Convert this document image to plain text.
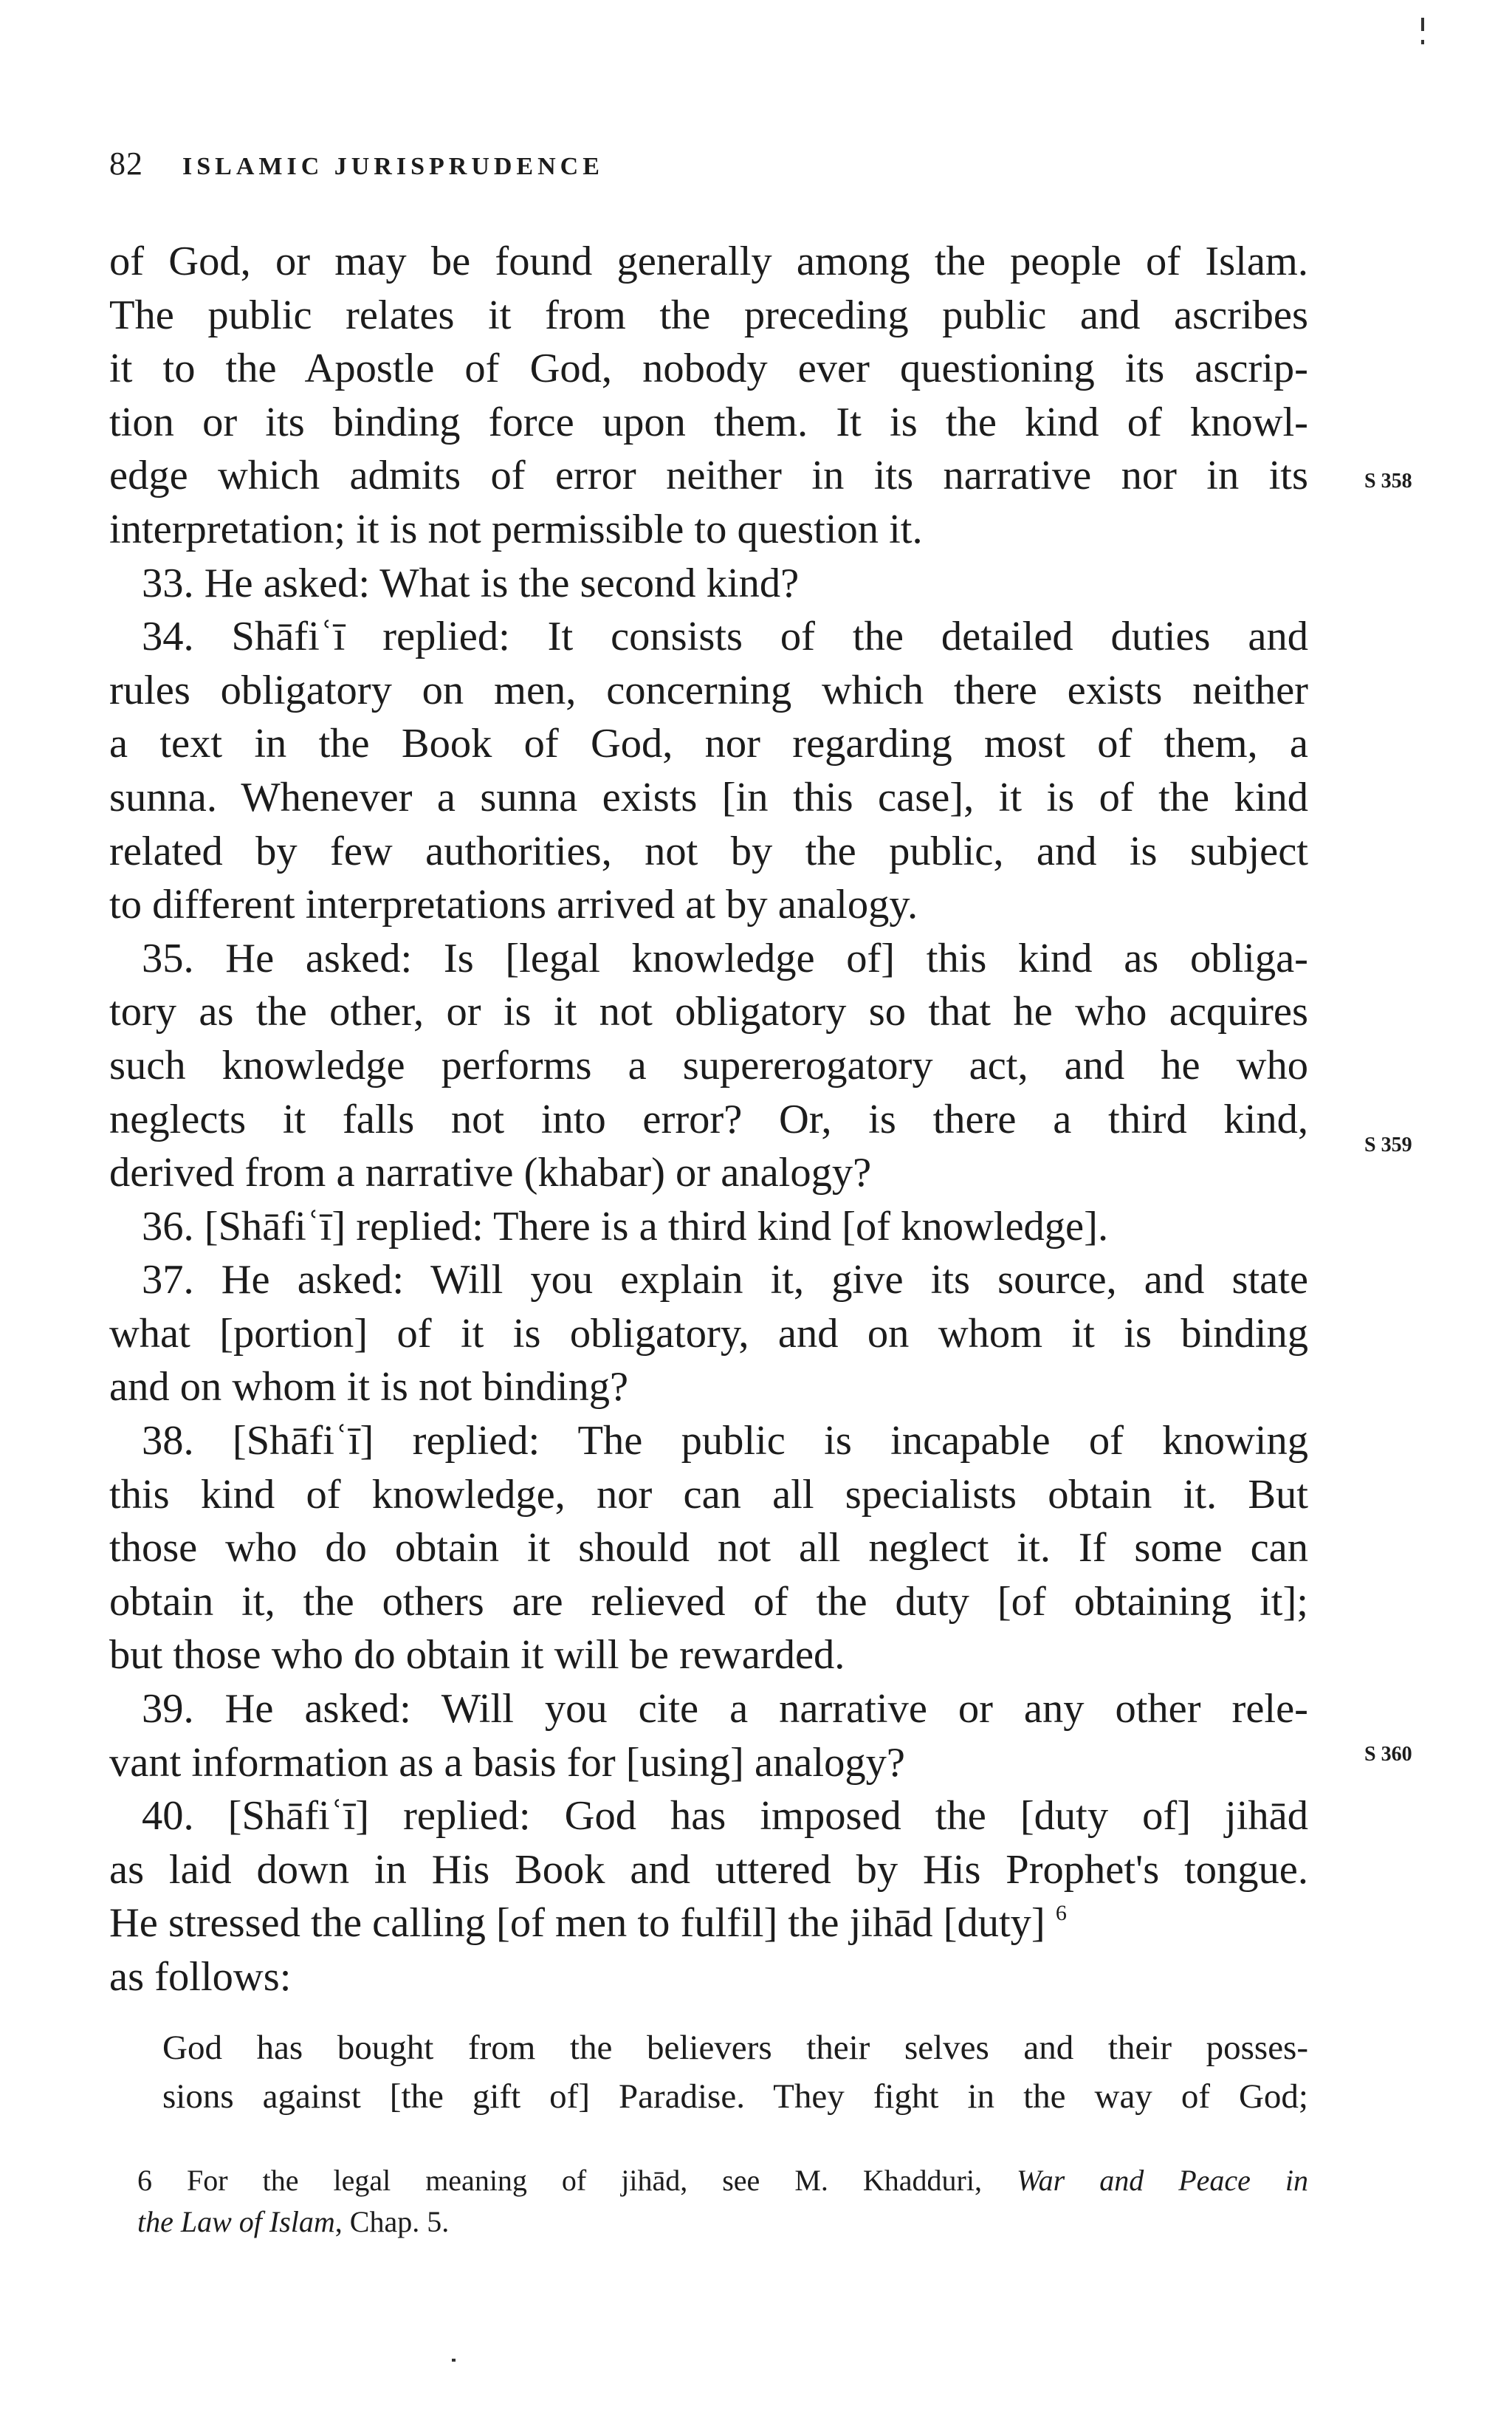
82 ISLAMIC JURISPRUDENCE
of God, or may be found generally among the people of Islam.
The public relates it from the preceding public and ascribes
it to the Apostle of God, nobody ever questioning its ascrip-
tion or its binding force upon them. It is the kind of knowl-
edge which admits of error neither in its narrative nor in its
interpretation; it is not permissible to question it.
33. He asked: What is the second kind?
34. Shāfiʿī replied: It consists of the detailed duties and
rules obligatory on men, concerning which there exists neither
a text in the Book of God, nor regarding most of them, a
sunna. Whenever a sunna exists [in this case], it is of the kind
related by few authorities, not by the public, and is subject
to different interpretations arrived at by analogy.
35. He asked: Is [legal knowledge of] this kind as obliga-
tory as the other, or is it not obligatory so that he who acquires
such knowledge performs a supererogatory act, and he who
neglects it falls not into error? Or, is there a third kind,
derived from a narrative (khabar) or analogy?
36. [Shāfiʿī] replied: There is a third kind [of knowledge].
37. He asked: Will you explain it, give its source, and state
what [portion] of it is obligatory, and on whom it is binding
and on whom it is not binding?
38. [Shāfiʿī] replied: The public is incapable of knowing
this kind of knowledge, nor can all specialists obtain it. But
those who do obtain it should not all neglect it. If some can
obtain it, the others are relieved of the duty [of obtaining it];
but those who do obtain it will be rewarded.
39. He asked: Will you cite a narrative or any other rele-
vant information as a basis for [using] analogy?
40. [Shāfiʿī] replied: God has imposed the [duty of] jihād
as laid down in His Book and uttered by His Prophet's tongue.
He stressed the calling [of men to fulfil] the jihād [duty] $^6$
as follows:
God has bought from the believers their selves and their posses-
sions against [the gift of] Paradise. They fight in the way of God;
6 For the legal meaning of jihād, see M. Khadduri, War and Peace in
the Law of Islam, Chap. 5.
S 358
S 359
S 360
